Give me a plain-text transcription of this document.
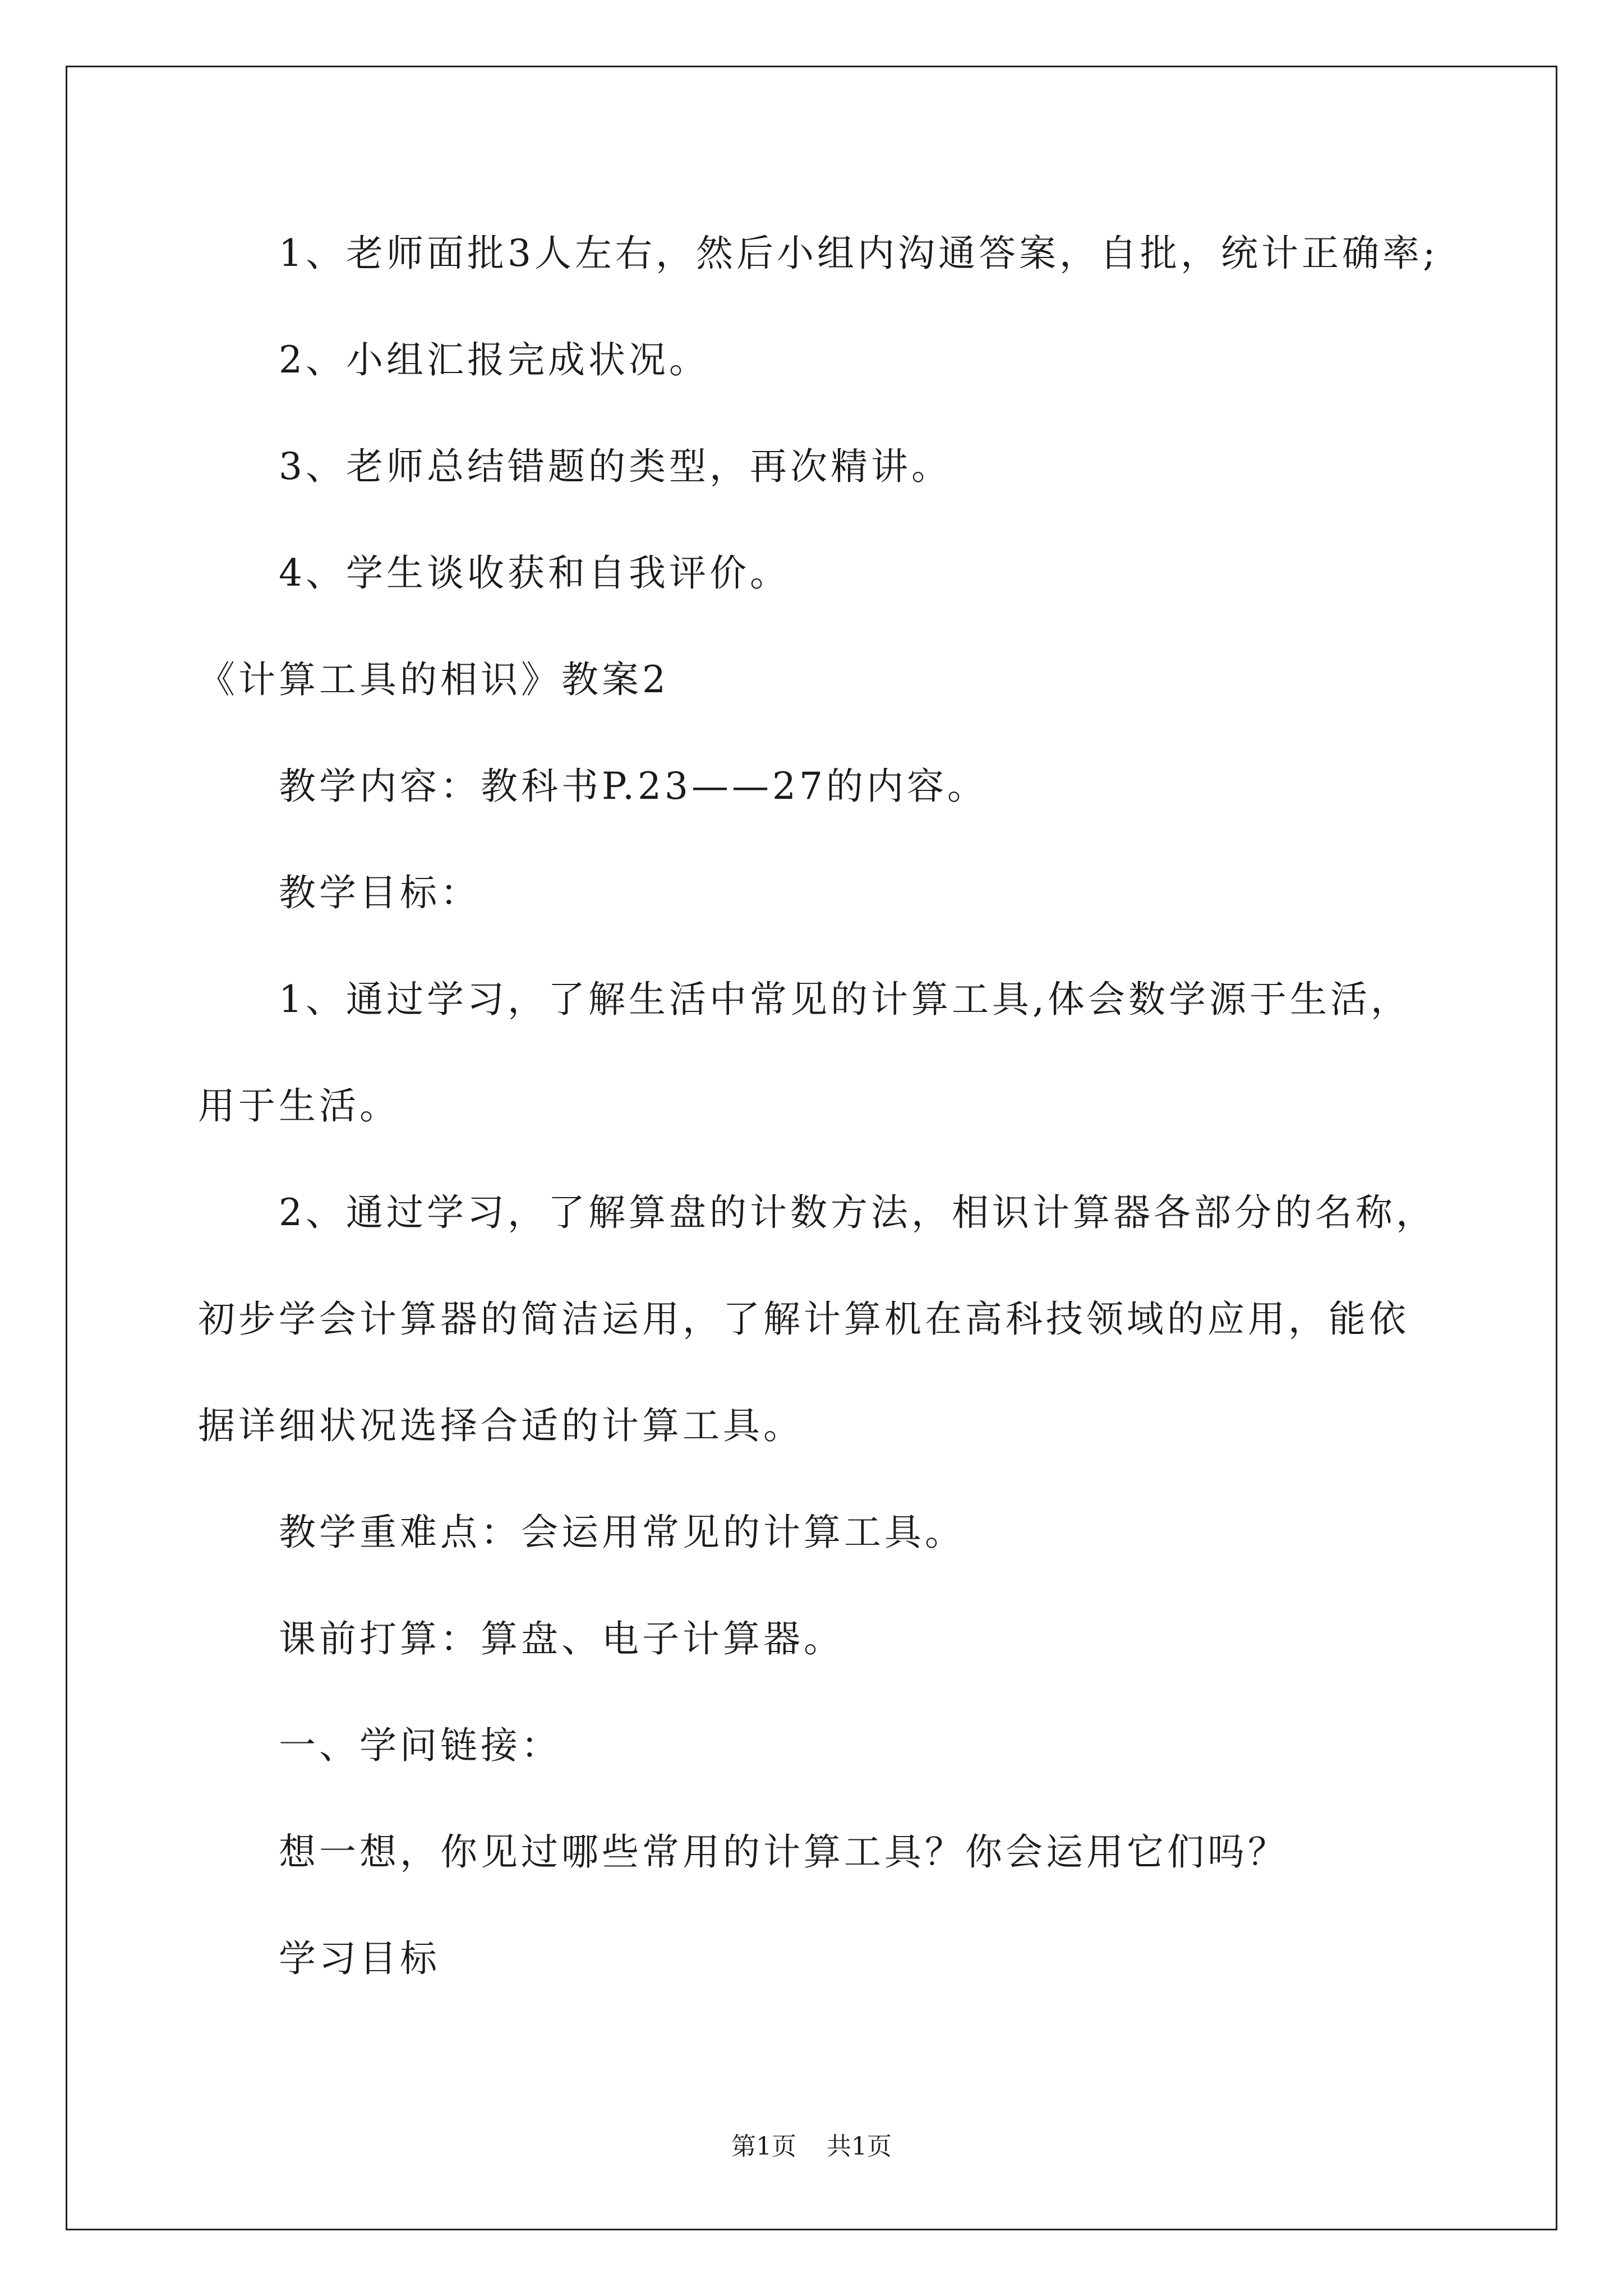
1、老师面批3人左右，然后小组内沟通答案，自批，统计正确率;
2、小组汇报完成状况。
3、老师总结错题的类型，再次精讲。
4、学生谈收获和自我评价。
《计算工具的相识》教案2
教学内容：教科书P.23——27的内容。
教学目标：
1、通过学习，了解生活中常见的计算工具,体会数学源于生活，
用于生活。
2、通过学习，了解算盘的计数方法，相识计算器各部分的名称，
初步学会计算器的简洁运用，了解计算机在高科技领域的应用，能依
据详细状况选择合适的计算工具。
教学重难点：会运用常见的计算工具。
课前打算：算盘、电子计算器。
一、学问链接：
想一想，你见过哪些常用的计算工具？你会运用它们吗？
学习目标
第1页 共1页
